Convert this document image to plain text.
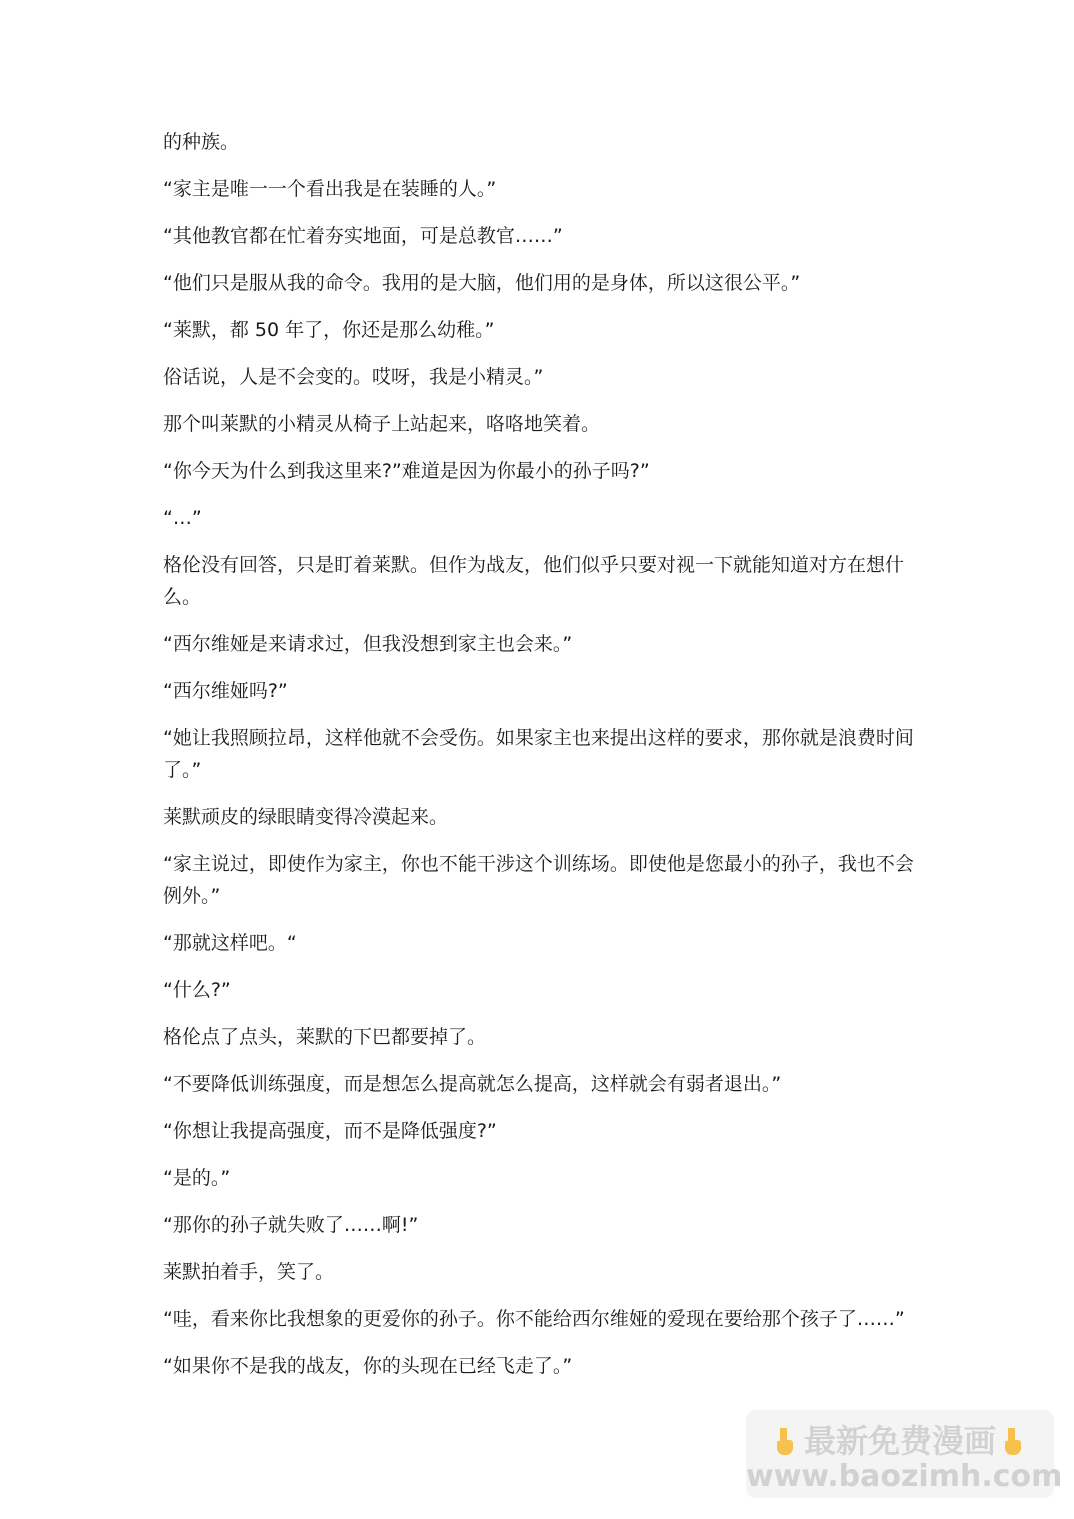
的种族。

“家主是唯一一个看出我是在装睡的人。”

“其他教官都在忙着夯实地面，可是总教官……”

“他们只是服从我的命令。我用的是大脑，他们用的是身体，所以这很公平。”

“莱默，都 50 年了，你还是那么幼稚。”

俗话说，人是不会变的。哎呀，我是小精灵。”

那个叫莱默的小精灵从椅子上站起来，咯咯地笑着。

“你今天为什么到我这里来?”难道是因为你最小的孙子吗?”

“…”

格伦没有回答，只是盯着莱默。但作为战友，他们似乎只要对视一下就能知道对方在想什么。

“西尔维娅是来请求过，但我没想到家主也会来。”

“西尔维娅吗?”

“她让我照顾拉昂，这样他就不会受伤。如果家主也来提出这样的要求，那你就是浪费时间了。”

莱默顽皮的绿眼睛变得冷漠起来。

“家主说过，即使作为家主，你也不能干涉这个训练场。即使他是您最小的孙子，我也不会例外。”

“那就这样吧。“

“什么?”

格伦点了点头，莱默的下巴都要掉了。

“不要降低训练强度，而是想怎么提高就怎么提高，这样就会有弱者退出。”

“你想让我提高强度，而不是降低强度?”

“是的。”

“那你的孙子就失败了……啊!”

莱默拍着手，笑了。

“哇，看来你比我想象的更爱你的孙子。你不能给西尔维娅的爱现在要给那个孩子了……”

“如果你不是我的战友，你的头现在已经飞走了。”

最新免费漫画
www.baozimh.com
